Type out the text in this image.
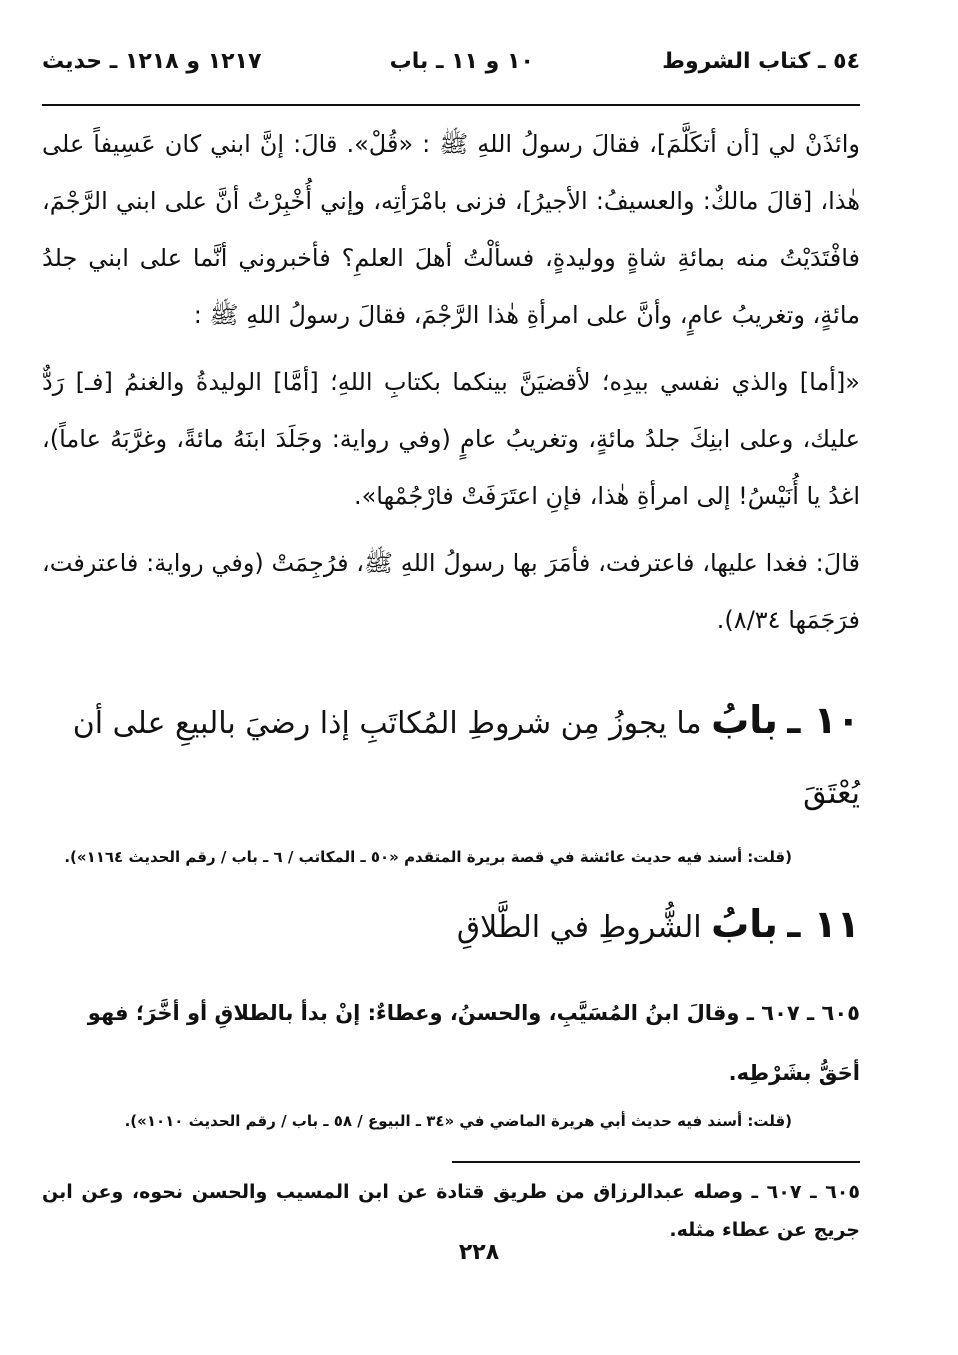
٥٤ ـ كتاب الشروط
١٠ و ١١ ـ باب
١٢١٧ و ١٢١٨ ـ حديث

وائذَنْ لي [أن أتكَلَّمَ]، فقالَ رسولُ اللهِ ﷺ : «قُلْ». قالَ: إنَّ ابني كان عَسِيفاً على هٰذا، [قالَ مالكٌ: والعسيفُ: الأجيرُ]، فزنى بامْرَأتِه، وإني أُخْبِرْتُ أنَّ على ابني الرَّجْمَ، فافْتَدَيْتُ منه بمائةِ شاةٍ ووليدةٍ، فسألْتُ أهلَ العلمِ؟ فأخبروني أنَّما على ابني جلدُ مائةٍ، وتغريبُ عامٍ، وأنَّ على امرأةِ هٰذا الرَّجْمَ، فقالَ رسولُ اللهِ ﷺ :

«[أما] والذي نفسي بيدِه؛ لأقضيَنَّ بينكما بكتابِ اللهِ؛ [أمَّا] الوليدةُ والغنمُ [فـ] رَدٌّ عليك، وعلى ابنِكَ جلدُ مائةٍ، وتغريبُ عامٍ (وفي رواية: وجَلَدَ ابنَهُ مائةً، وغرَّبَهُ عاماً)، اغدُ يا أُنَيْسُ! إلى امرأةِ هٰذا، فإنِ اعتَرَفَتْ فارْجُمْها».

قالَ: فغدا عليها، فاعترفت، فأمَرَ بها رسولُ اللهِ ﷺ، فرُجِمَتْ (وفي رواية: فاعترفت، فرَجَمَها ٨/٣٤).

١٠ ـ بابُ ما يجوزُ مِن شروطِ المُكاتَبِ إذا رضيَ بالبيعِ على أن يُعْتَقَ

(قلت: أسند فيه حديث عائشة في قصة بريرة المتقدم «٥٠ ـ المكاتب / ٦ ـ باب / رقم الحديث ١١٦٤»).

١١ ـ بابُ الشُّروطِ في الطَّلاقِ

٦٠٥ ـ ٦٠٧ ـ وقالَ ابنُ المُسَيَّبِ، والحسنُ، وعطاءٌ: إنْ بدأ بالطلاقِ أو أخَّرَ؛ فهو أحَقُّ بشَرْطِه.

(قلت: أسند فيه حديث أبي هريرة الماضي في «٣٤ ـ البيوع / ٥٨ ـ باب / رقم الحديث ١٠١٠»).

٦٠٥ ـ ٦٠٧ ـ وصله عبدالرزاق من طريق قتادة عن ابن المسيب والحسن نحوه، وعن ابن جريج عن عطاء مثله.

٢٢٨
